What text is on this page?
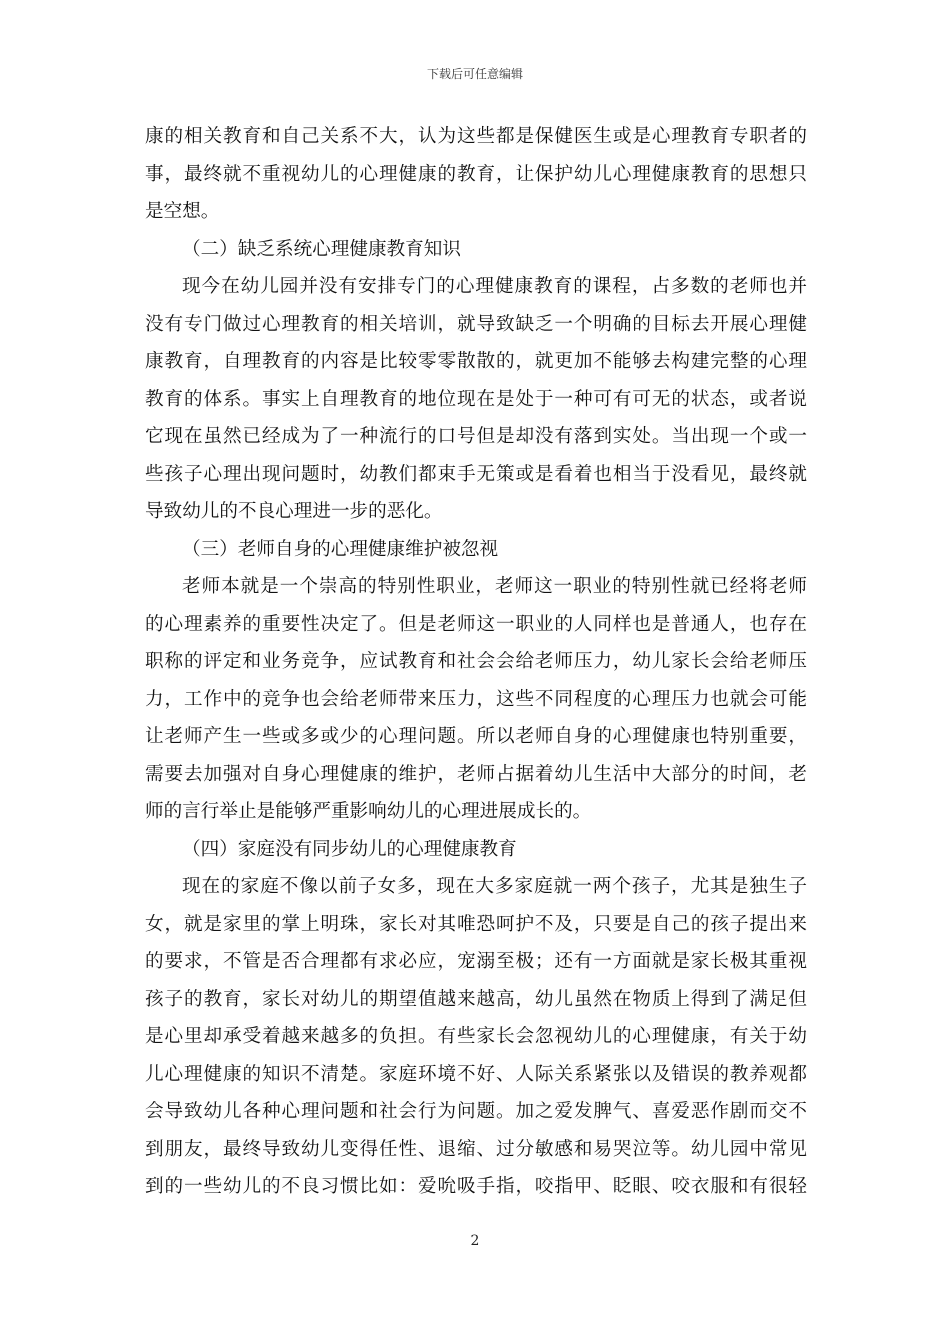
下载后可任意编辑
康的相关教育和自己关系不大，认为这些都是保健医生或是心理教育专职者的
事，最终就不重视幼儿的心理健康的教育，让保护幼儿心理健康教育的思想只
是空想。
（二）缺乏系统心理健康教育知识
现今在幼儿园并没有安排专门的心理健康教育的课程，占多数的老师也并
没有专门做过心理教育的相关培训，就导致缺乏一个明确的目标去开展心理健
康教育，自理教育的内容是比较零零散散的，就更加不能够去构建完整的心理
教育的体系。事实上自理教育的地位现在是处于一种可有可无的状态，或者说
它现在虽然已经成为了一种流行的口号但是却没有落到实处。当出现一个或一
些孩子心理出现问题时，幼教们都束手无策或是看着也相当于没看见，最终就
导致幼儿的不良心理进一步的恶化。
（三）老师自身的心理健康维护被忽视
老师本就是一个崇高的特别性职业，老师这一职业的特别性就已经将老师
的心理素养的重要性决定了。但是老师这一职业的人同样也是普通人，也存在
职称的评定和业务竞争，应试教育和社会会给老师压力，幼儿家长会给老师压
力，工作中的竞争也会给老师带来压力，这些不同程度的心理压力也就会可能
让老师产生一些或多或少的心理问题。所以老师自身的心理健康也特别重要，
需要去加强对自身心理健康的维护，老师占据着幼儿生活中大部分的时间，老
师的言行举止是能够严重影响幼儿的心理进展成长的。
（四）家庭没有同步幼儿的心理健康教育
现在的家庭不像以前子女多，现在大多家庭就一两个孩子，尤其是独生子
女，就是家里的掌上明珠，家长对其唯恐呵护不及，只要是自己的孩子提出来
的要求，不管是否合理都有求必应，宠溺至极；还有一方面就是家长极其重视
孩子的教育，家长对幼儿的期望值越来越高，幼儿虽然在物质上得到了满足但
是心里却承受着越来越多的负担。有些家长会忽视幼儿的心理健康，有关于幼
儿心理健康的知识不清楚。家庭环境不好、人际关系紧张以及错误的教养观都
会导致幼儿各种心理问题和社会行为问题。加之爱发脾气、喜爱恶作剧而交不
到朋友，最终导致幼儿变得任性、退缩、过分敏感和易哭泣等。幼儿园中常见
到的一些幼儿的不良习惯比如：爱吮吸手指，咬指甲、眨眼、咬衣服和有很轻
2
